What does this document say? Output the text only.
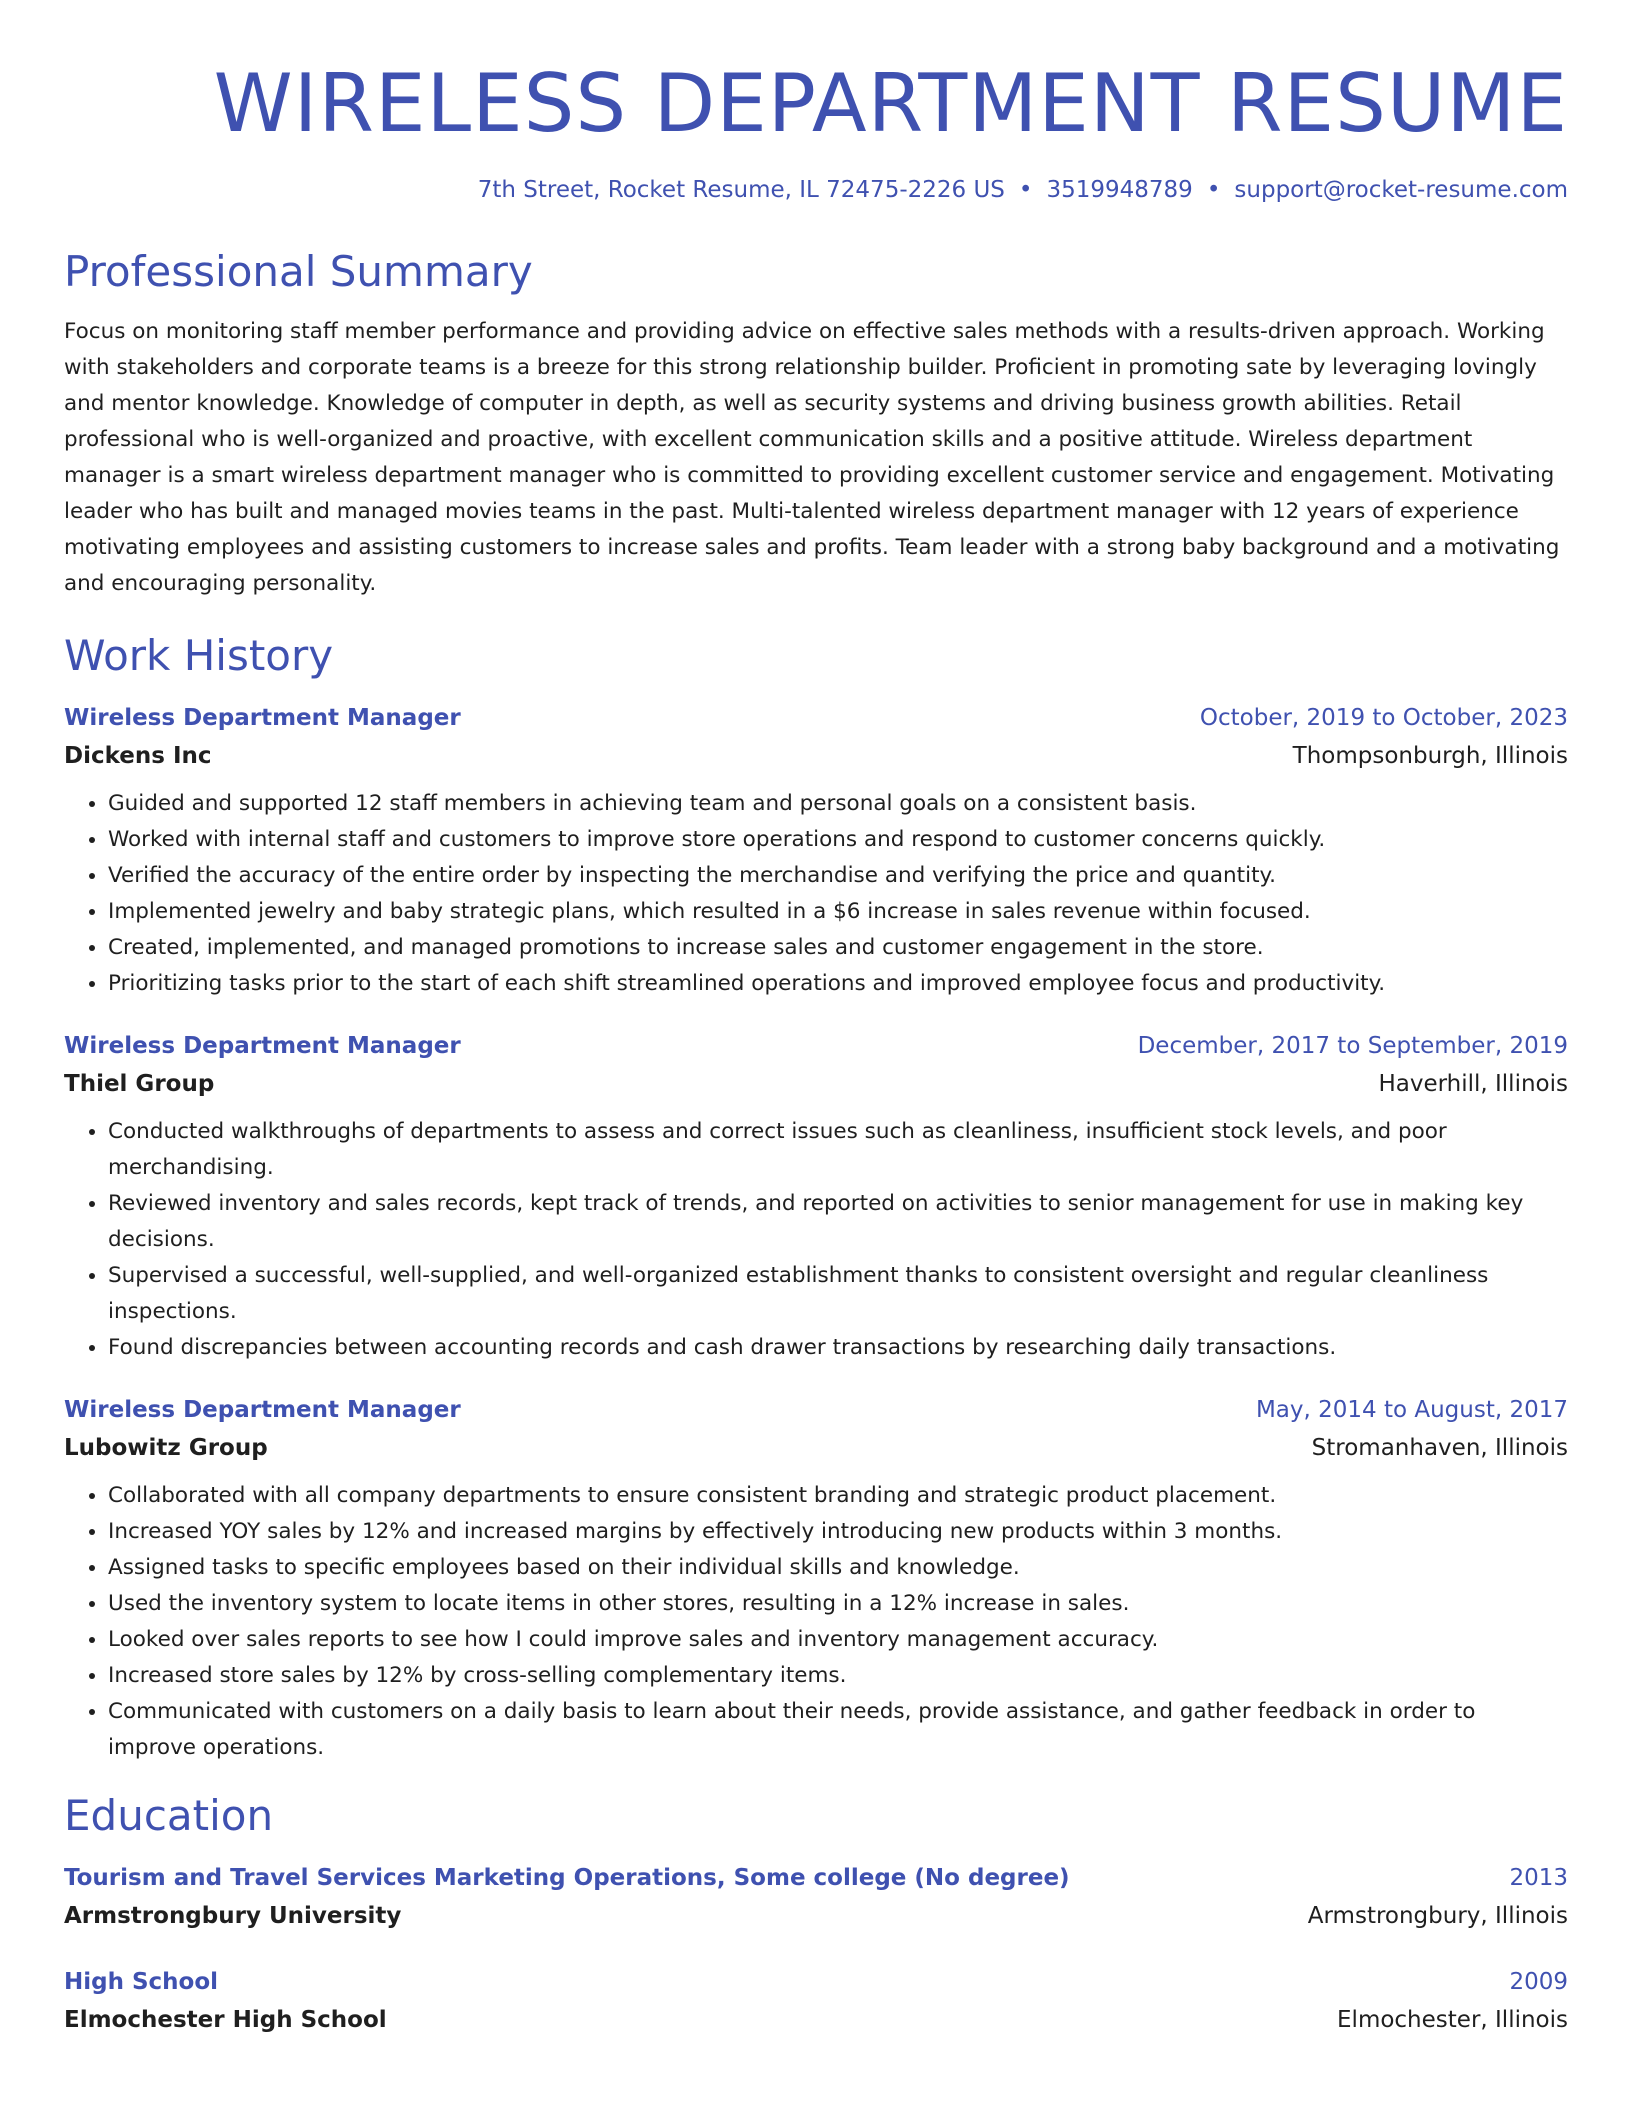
WIRELESS DEPARTMENT RESUME
7th Street, Rocket Resume, IL 72475-2226 US • 3519948789 • support@rocket-resume.com
Professional Summary
Focus on monitoring staff member performance and providing advice on effective sales methods with a results-driven approach. Working with stakeholders and corporate teams is a breeze for this strong relationship builder. Proficient in promoting sate by leveraging lovingly and mentor knowledge. Knowledge of computer in depth, as well as security systems and driving business growth abilities. Retail professional who is well-organized and proactive, with excellent communication skills and a positive attitude. Wireless department manager is a smart wireless department manager who is committed to providing excellent customer service and engagement. Motivating leader who has built and managed movies teams in the past. Multi-talented wireless department manager with 12 years of experience motivating employees and assisting customers to increase sales and profits. Team leader with a strong baby background and a motivating and encouraging personality.
Work History
Wireless Department Manager	October, 2019 to October, 2023
Dickens Inc	Thompsonburgh, Illinois
• Guided and supported 12 staff members in achieving team and personal goals on a consistent basis.
• Worked with internal staff and customers to improve store operations and respond to customer concerns quickly.
• Verified the accuracy of the entire order by inspecting the merchandise and verifying the price and quantity.
• Implemented jewelry and baby strategic plans, which resulted in a $6 increase in sales revenue within focused.
• Created, implemented, and managed promotions to increase sales and customer engagement in the store.
• Prioritizing tasks prior to the start of each shift streamlined operations and improved employee focus and productivity.
Wireless Department Manager	December, 2017 to September, 2019
Thiel Group	Haverhill, Illinois
• Conducted walkthroughs of departments to assess and correct issues such as cleanliness, insufficient stock levels, and poor merchandising.
• Reviewed inventory and sales records, kept track of trends, and reported on activities to senior management for use in making key decisions.
• Supervised a successful, well-supplied, and well-organized establishment thanks to consistent oversight and regular cleanliness inspections.
• Found discrepancies between accounting records and cash drawer transactions by researching daily transactions.
Wireless Department Manager	May, 2014 to August, 2017
Lubowitz Group	Stromanhaven, Illinois
• Collaborated with all company departments to ensure consistent branding and strategic product placement.
• Increased YOY sales by 12% and increased margins by effectively introducing new products within 3 months.
• Assigned tasks to specific employees based on their individual skills and knowledge.
• Used the inventory system to locate items in other stores, resulting in a 12% increase in sales.
• Looked over sales reports to see how I could improve sales and inventory management accuracy.
• Increased store sales by 12% by cross-selling complementary items.
• Communicated with customers on a daily basis to learn about their needs, provide assistance, and gather feedback in order to improve operations.
Education
Tourism and Travel Services Marketing Operations, Some college (No degree)	2013
Armstrongbury University	Armstrongbury, Illinois
High School	2009
Elmochester High School	Elmochester, Illinois
